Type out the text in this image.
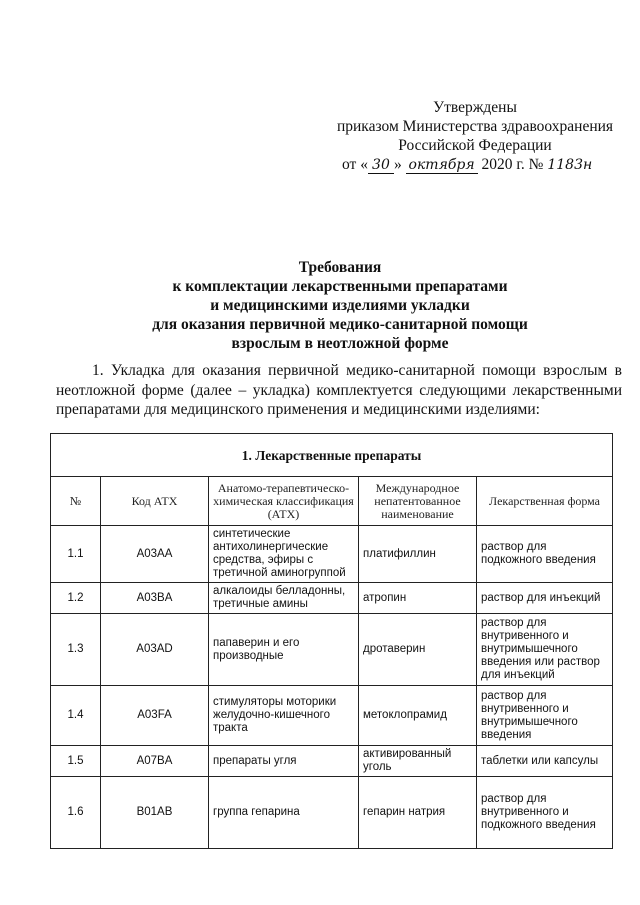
Утверждены
приказом Министерства здравоохранения
Российской Федерации
от « 30 » октября 2020 г. № 1183н
Требования
к комплектации лекарственными препаратами
и медицинскими изделиями укладки
для оказания первичной медико-санитарной помощи
взрослым в неотложной форме
1. Укладка для оказания первичной медико-санитарной помощи взрослым в неотложной форме (далее – укладка) комплектуется следующими лекарственными препаратами для медицинского применения и медицинскими изделиями:
1. Лекарственные препараты				
№	Код АТХ	Анатомо-терапевтическо-химическая классификация (АТХ)	Международное непатентованное наименование	Лекарственная форма
1.1	A03AA	синтетические антихолинергические средства, эфиры с третичной аминогруппой	платифиллин	раствор для подкожного введения
1.2	A03BA	алкалоиды белладонны, третичные амины	атропин	раствор для инъекций
1.3	A03AD	папаверин и его производные	дротаверин	раствор для внутривенного и внутримышечного введения или раствор для инъекций
1.4	A03FA	стимуляторы моторики желудочно-кишечного тракта	метоклопрамид	раствор для внутривенного и внутримышечного введения
1.5	A07BA	препараты угля	активированный уголь	таблетки или капсулы
1.6	B01AB	группа гепарина	гепарин натрия	раствор для внутривенного и подкожного введения
